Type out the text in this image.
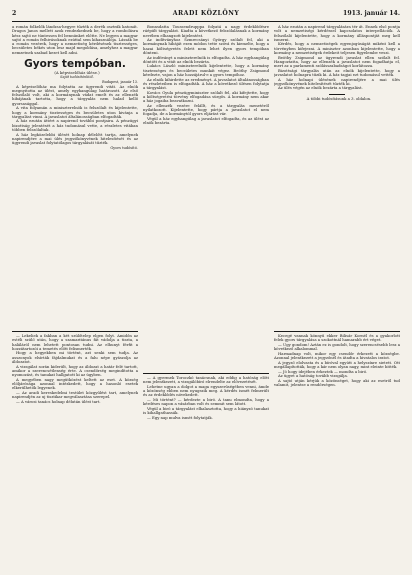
2	ARADI KÖZLÖNY	1913. január 14.

a román folkelők lándzsa-hegyre tűzték a derék osztrák katonát. Dragos Janos mellett azok rendezkednek be, hogy a rombolásra kész sajtó ne tüntessen fel bennünket előtte. Ne legyen a magyar sajtó a román felhivásoknak ezúttal sem kihasználója. Lássák be a román vezérek, hogy a nemzetiség kérdésének tisztességes, becsületes békés uton lesz majd megoldása, amelyhez a magyar nemzetnek szabad kezet kell adni.

Gyors tempóban.

(A képviselőház ülése.)

Saját tudósítónktól.

Budapest, január 13.

A képviselőház ma folytatta az ügyrendi vitát. Az elnök megnyitotta az ülést, amely egyhangúlag határozott. Az első felszólaló volt, aki a kormánynak vádat emelt és az ellenzék hibájának tartotta, hogy a tárgyalás nem halad kellő gyorsasággal.

A vita folyamán a miniszterelnök is felszólalt és kijelentette, hogy a kormány tisztességes és becsületes uton kivánja a tárgyalást vinni. A javaslatot általánosságban elfogadták.

A ház ezután áttért a napirend további pontjaira. A pénzügyi bizottság jelentését a ház tudomásul vette, a részletes vitában többen felszólaltak.

A ház legközelebbi ülését holnap délelőtt tartja, amelynek napirendjére a mai ülés jegyzőkönyvének hitelesítését és az ügyrendi javaslat folytatólagos tárgyalását tűzték.

Gyors tudósító.

Bonnsdatta Toussendrupppa folyatá a nagy érdeklődésre ráépült tárgyalást. Kiadta a következő felszólalásnak a kormány nevében elhangzott kijelentést.

Az indítványhoz Szmrecsányi György szólalt fel, aki a kormánynak hibáját ezen módon tette szóvá és kiemelte, hogy a hazai költségvetés felett nem lehet ilyen gyors tempóban dönteni.

Az indítványt a miniszterelnök is elfogadta. A ház egyhangúlag döntött és a vitát az elnök bezárta.

Lukács László miniszterelnök kijelentette, hogy a kormány tisztességes és becsületes munkát végez. Beöthy Zsigmond kérdezte, vajon a ház hozzájárul-e a gyors tempóhoz.

Az elnök kihirdette az eredményt. A javaslatot általánosságban és részleteiben is elfogadták. A ház a következő ülésen folytatja a tárgyalást.

Kovács Gyula pénzügyminiszter szólalt fel, aki kifejtette, hogy a költségvetési törvény elfogadása sürgős. A kormány nem akar a ház jogaiba beavatkozni.

Az ellenzék vezére felállt, és a tárgyalás menetéről nyilatkozott. Kijelentette, hogy pártja a javaslatot el nem fogadja, de a kormánytól gyors eljárást vár.

Végül a ház egyhangúlag a javaslatot elfogadta, és az ülést az elnök bezárta.

A ház ezután a napirend tárgyalására tér át. Ennek első pontja volt a nemzetiségi kérdéssel kapcsolatos interpellációk. A felszólaló kijelentette, hogy a kormány álláspontját meg kell ismerni.

Kérdés, hogy a nemzetiségek egyenjogúságát miként kell a törvényben kifejezni. A miniszter azonban kijelentette, hogy a kormány a nemzetiségek érdekeit teljesen figyelembe veszi.

Beöthy Zsigmond az ügyrendi javaslat ellen szólalt fel. Hangoztatta, hogy az ellenzék a javaslatot nem fogadhatja el, mert az a parlamenti szólásszabadságot korlátozza.

Bizottsági tárgyalás után az elnök kijelentette, hogy a javaslatot holnapra tűzik ki. A ház tagjai ezt tudomásul vették.

A ház holnapi ülésének napirendjére a mai ülés jegyzőkönyvének hitelesítését tűzték ki.

Az ülés végén az elnök bezárta a tárgyalást.

A többi tudósításunk a 3. oldalon.

— Lekeliek a fakban a két szülőtelep elgen folyt. Amidőn az estéli szülő után, hogy a szamaritánus fát vádolja a tiszta, a haláláról nem lehetett pontosan tudni. Az elhunyt férfit a hozzátartozói a temetés előtt felismerték.

Hogy a hegyekben mi történt, azt senki sem tudja. Az asszonyok elsírták fájdalmukat és a falu népe gyászolja az áldozatot.

A vizsgálat során kiderült, hogy az áldozat a határ felé tartott, amikor a szerencsétlenség érte. A csendőrség megindította a nyomozást, és tanukat hallgatott ki az ügyben.

A megyében nagy megütközést keltett az eset. A község elöljárósága azonnal intézkedett, hogy a hasonló esetek elkerülhetők legyenek.

— Az aradi kereskedelmi testület közgyűlést tart, amelynek napirendjén az uj tisztikar megválasztása szerepel.

— A városi tanács holnap délután ülést tart.

— A gyermek Toroczkó tanácsnak, aki eddig a hatóság előtt nem jelentkezett, a vizsgálóbíró elrendelte az elővezetését.

Lehetne ugyan a dolgot a maga egyszerűségében venni, ámde a közönség ebben nem nyugszik meg. A kérdés ismét felmerült és az érdeklődés növekedett.

— Mi történt? — kérdezte a biró. A tanu elmondta, hogy a kérdéses napon a vásárban volt és semmit sem látott.

Végül a biró a tárgyalást elhalasztotta, hogy a hiányzó tanukat is kihallgathassák.

— Egy nap mulva ismét folytatják.

Kecegé vannak könnyű ekker Bilisár Kornél és a gyakorlott felek gyors tárgyalása a szokottnál hamarabb ért véget.

— Ugy gondom! Aztán ez is gondolt, hogy szerencsésebb lesz a következő alkalommal.

Harmadnap volt, mikor egy csendőr érkezett a községbe. Azonnal jelentkezett a jegyzőnél és átadta a hivatalos iratot.

A jegyző elolvasta és a bíróval együtt a helyszínre sietett. Ott megállapították, hogy a kár nem olyan nagy, mint eleinte hitték.

— Jó hogy idejében érkeztek — mondta a biró.

Az ügyet a hatóság tovább vizsgálja.

A sajtó utján kérjük a közönséget, hogy aki az esetről tud valamit, jelentse a rendőrségen.
